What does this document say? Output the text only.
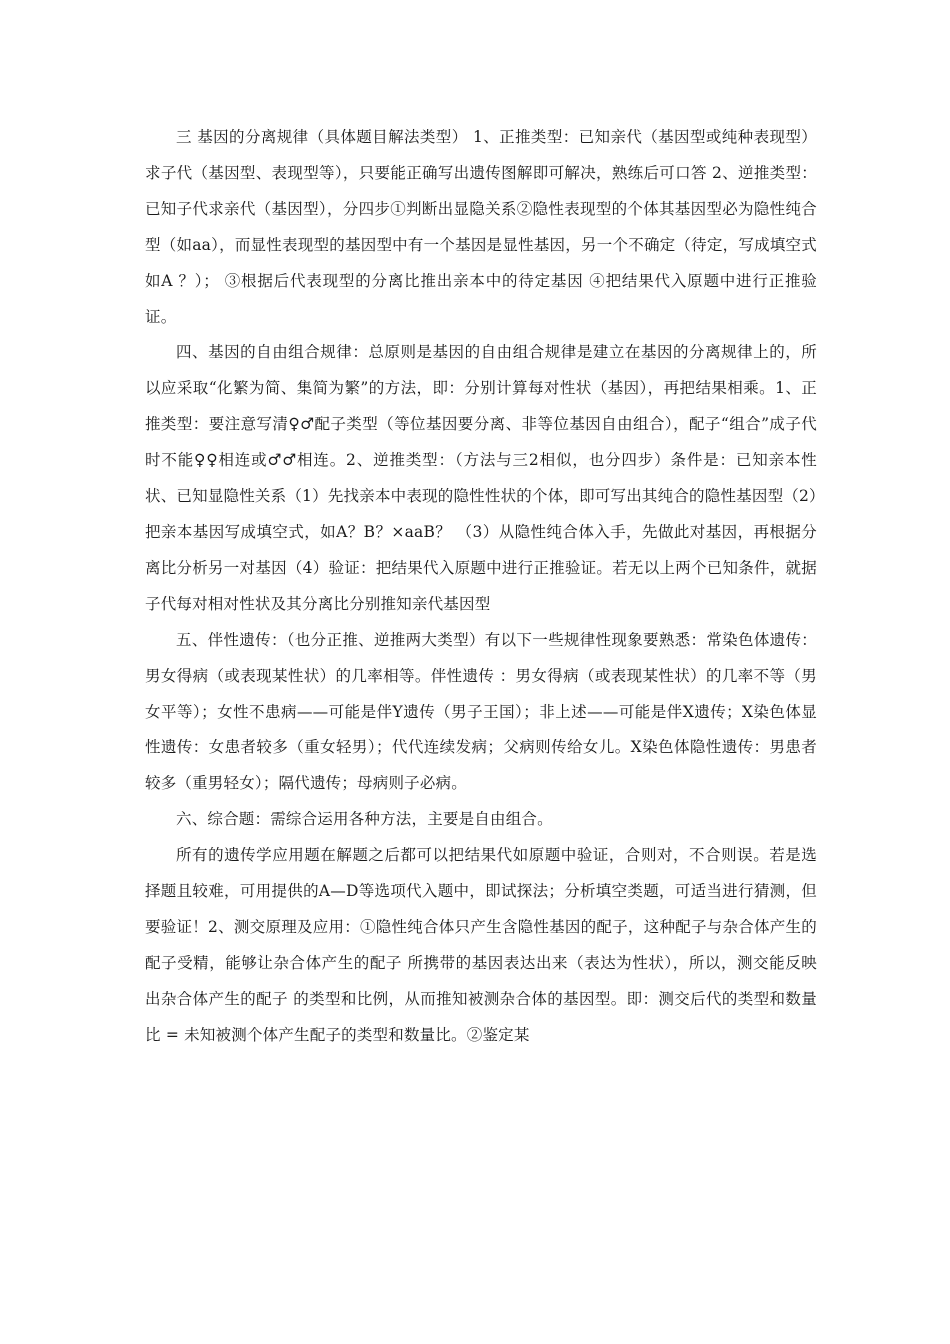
三 基因的分离规律（具体题目解法类型） 1、正推类型：已知亲代（基因型或纯种表现型）求子代（基因型、表现型等），只要能正确写出遗传图解即可解决，熟练后可口答 2、逆推类型：已知子代求亲代（基因型），分四步①判断出显隐关系②隐性表现型的个体其基因型必为隐性纯合型（如aa），而显性表现型的基因型中有一个基因是显性基因，另一个不确定（待定，写成填空式如A ？）； ③根据后代表现型的分离比推出亲本中的待定基因 ④把结果代入原题中进行正推验证。

四、基因的自由组合规律：总原则是基因的自由组合规律是建立在基因的分离规律上的，所以应采取“化繁为简、集简为繁”的方法，即：分别计算每对性状（基因），再把结果相乘。1、正推类型：要注意写清♀♂配子类型（等位基因要分离、非等位基因自由组合），配子“组合”成子代时不能♀♀相连或♂♂相连。2、逆推类型：（方法与三2相似，也分四步）条件是：已知亲本性状、已知显隐性关系（1）先找亲本中表现的隐性性状的个体，即可写出其纯合的隐性基因型（2）把亲本基因写成填空式，如A？B？×aaB？ （3）从隐性纯合体入手，先做此对基因，再根据分离比分析另一对基因（4）验证：把结果代入原题中进行正推验证。若无以上两个已知条件，就据子代每对相对性状及其分离比分别推知亲代基因型

五、伴性遗传：（也分正推、逆推两大类型）有以下一些规律性现象要熟悉：常染色体遗传：男女得病（或表现某性状）的几率相等。伴性遗传 ：男女得病（或表现某性状）的几率不等（男女平等）；女性不患病——可能是伴Y遗传（男子王国）；非上述——可能是伴X遗传；X染色体显性遗传：女患者较多（重女轻男）；代代连续发病；父病则传给女儿。X染色体隐性遗传：男患者较多（重男轻女）；隔代遗传；母病则子必病。

六、综合题：需综合运用各种方法，主要是自由组合。

所有的遗传学应用题在解题之后都可以把结果代如原题中验证，合则对，不合则误。若是选择题且较难，可用提供的A—D等选项代入题中，即试探法；分析填空类题，可适当进行猜测，但要验证！2、测交原理及应用：①隐性纯合体只产生含隐性基因的配子，这种配子与杂合体产生的配子受精，能够让杂合体产生的配子 所携带的基因表达出来（表达为性状），所以，测交能反映出杂合体产生的配子 的类型和比例，从而推知被测杂合体的基因型。即：测交后代的类型和数量比 = 未知被测个体产生配子的类型和数量比。②鉴定某
